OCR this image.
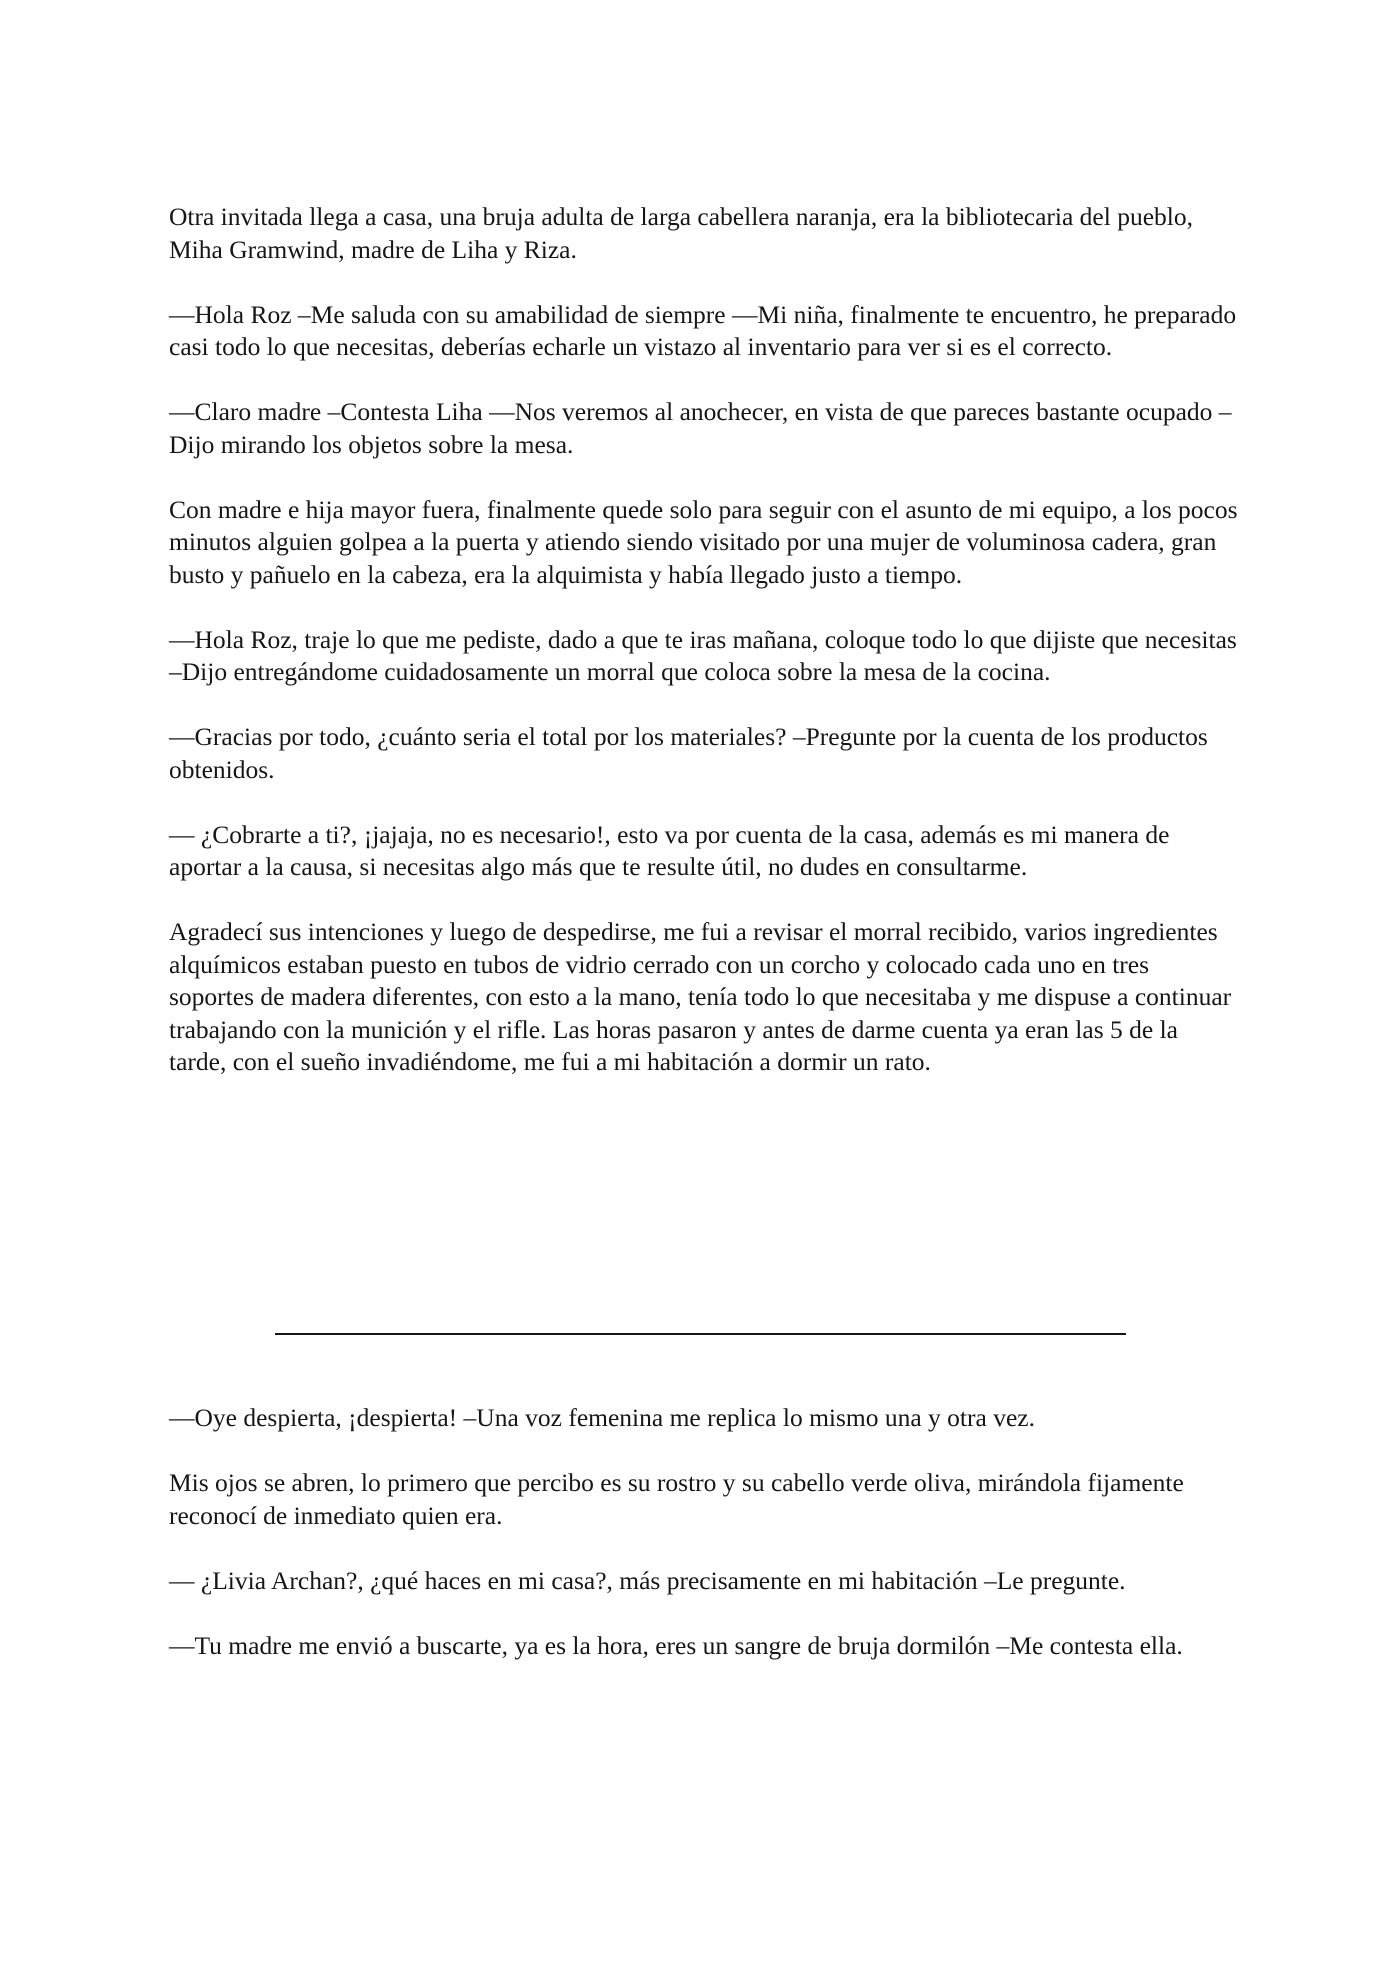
Otra invitada llega a casa, una bruja adulta de larga cabellera naranja, era la bibliotecaria del pueblo, Miha Gramwind, madre de Liha y Riza.

—Hola Roz –Me saluda con su amabilidad de siempre —Mi niña, finalmente te encuentro, he preparado casi todo lo que necesitas, deberías echarle un vistazo al inventario para ver si es el correcto.

—Claro madre –Contesta Liha —Nos veremos al anochecer, en vista de que pareces bastante ocupado –Dijo mirando los objetos sobre la mesa.

Con madre e hija mayor fuera, finalmente quede solo para seguir con el asunto de mi equipo, a los pocos minutos alguien golpea a la puerta y atiendo siendo visitado por una mujer de voluminosa cadera, gran busto y pañuelo en la cabeza, era la alquimista y había llegado justo a tiempo.

—Hola Roz, traje lo que me pediste, dado a que te iras mañana, coloque todo lo que dijiste que necesitas –Dijo entregándome cuidadosamente un morral que coloca sobre la mesa de la cocina.

—Gracias por todo, ¿cuánto seria el total por los materiales? –Pregunte por la cuenta de los productos obtenidos.

— ¿Cobrarte a ti?, ¡jajaja, no es necesario!, esto va por cuenta de la casa, además es mi manera de aportar a la causa, si necesitas algo más que te resulte útil, no dudes en consultarme.

Agradecí sus intenciones y luego de despedirse, me fui a revisar el morral recibido, varios ingredientes alquímicos estaban puesto en tubos de vidrio cerrado con un corcho y colocado cada uno en tres soportes de madera diferentes, con esto a la mano, tenía todo lo que necesitaba y me dispuse a continuar trabajando con la munición y el rifle. Las horas pasaron y antes de darme cuenta ya eran las 5 de la tarde, con el sueño invadiéndome, me fui a mi habitación a dormir un rato.

—Oye despierta, ¡despierta! –Una voz femenina me replica lo mismo una y otra vez.

Mis ojos se abren, lo primero que percibo es su rostro y su cabello verde oliva, mirándola fijamente reconocí de inmediato quien era.

— ¿Livia Archan?, ¿qué haces en mi casa?, más precisamente en mi habitación –Le pregunte.

—Tu madre me envió a buscarte, ya es la hora, eres un sangre de bruja dormilón –Me contesta ella.
